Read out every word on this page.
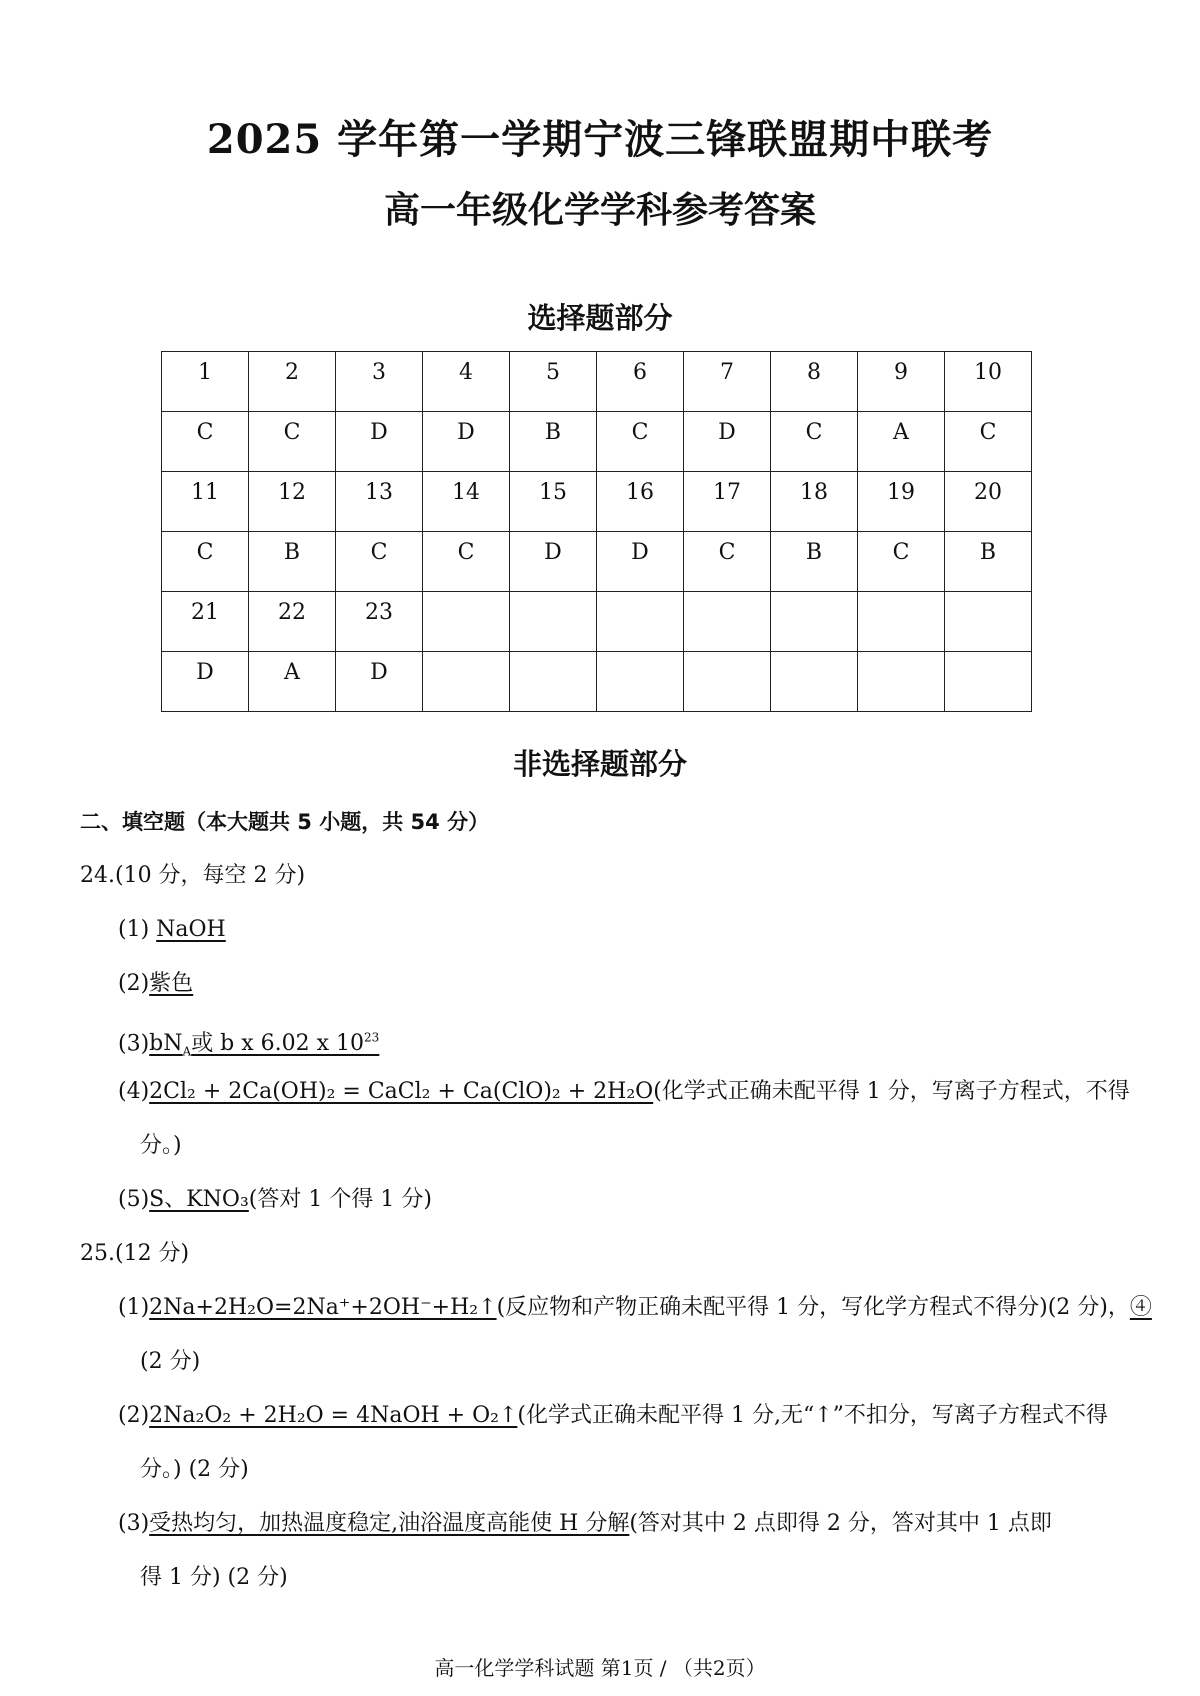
2025 学年第一学期宁波三锋联盟期中联考
高一年级化学学科参考答案
选择题部分
1	2	3	4	5	6	7	8	9	10
C	C	D	D	B	C	D	C	A	C
11	12	13	14	15	16	17	18	19	20
C	B	C	C	D	D	C	B	C	B
21	22	23							
D	A	D							
非选择题部分
二、填空题（本大题共 5 小题，共 54 分）
24.(10 分，每空 2 分)
(1) NaOH
(2)紫色
$(3)bN_A$或 b x 6.02 x $10^{23}$
(4)2Cl₂ + 2Ca(OH)₂ = CaCl₂ + Ca(ClO)₂ + 2H₂O(化学式正确未配平得 1 分，写离子方程式，不得
分。)
(5)S、KNO₃(答对 1 个得 1 分)
25.(12 分)
(1)2Na+2H₂O=2Na⁺+2OH⁻+H₂↑(反应物和产物正确未配平得 1 分，写化学方程式不得分)(2 分)，④
(2 分)
(2)2Na₂O₂ + 2H₂O = 4NaOH + O₂↑(化学式正确未配平得 1 分,无“↑”不扣分，写离子方程式不得
分。) (2 分)
(3)受热均匀，加热温度稳定,油浴温度高能使 H 分解(答对其中 2 点即得 2 分，答对其中 1 点即
得 1 分) (2 分)
高一化学学科试题 第1页 / （共2页）
